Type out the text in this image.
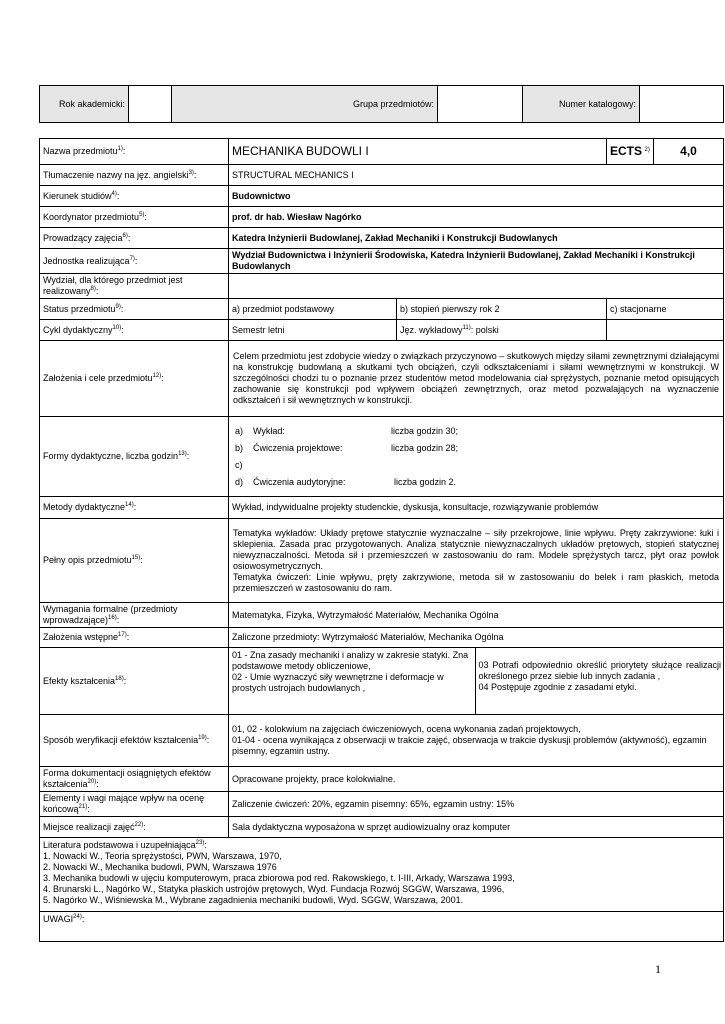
Rok akademicki:		Grupa przedmiotów:		Numer katalogowy:	
Nazwa przedmiotu$^{1)}$:	MECHANIKA BUDOWLI I	ECTS $^{2)}$	4,0
Tłumaczenie nazwy na jęz. angielski$^{3)}$:	STRUCTURAL MECHANICS I
Kierunek studiów$^{4)}$:	Budownictwo
Koordynator przedmiotu$^{5)}$:	prof. dr hab. Wiesław Nagórko
Prowadzący zajęcia$^{6)}$:	Katedra Inżynierii Budowlanej, Zakład Mechaniki i Konstrukcji Budowlanych
Jednostka realizująca$^{7)}$:	Wydział Budownictwa i Inżynierii Środowiska, Katedra Inżynierii Budowlanej, Zakład Mechaniki i Konstrukcji Budowlanych
Wydział, dla którego przedmiot jest realizowany$^{8)}$:	
Status przedmiotu$^{9)}$:	a) przedmiot podstawowy	b) stopień pierwszy rok 2	c) stacjonarne
Cykl dydaktyczny$^{10)}$:	Semestr letni	Jęz. wykładowy$^{11)}$: polski	
Założenia i cele przedmiotu$^{12)}$:	Celem przedmiotu jest zdobycie wiedzy o związkach przyczynowo – skutkowych między siłami zewnętrznymi działającymi na konstrukcję budowlaną a skutkami tych obciążeń, czyli odkształceniami i siłami wewnętrznymi w konstrukcji. W szczególności chodzi tu o poznanie przez studentów metod modelowania ciał sprężystych, poznanie metod opisujących zachowanie się konstrukcji pod wpływem obciążeń zewnętrznych, oraz metod pozwalających na wyznaczenie odkształceń i sił wewnętrznych w konstrukcji.
Formy dydaktyczne, liczba godzin$^{13)}$:	
a)	Wykład:	liczba godzin 30;
b)	Ćwiczenia projektowe:	liczba godzin 28;
c)		
d)	Ćwiczenia audytoryjne:	liczba godzin 2.

Metody dydaktyczne$^{14)}$:	Wykład, indywidualne projekty studenckie, dyskusja, konsultacje, rozwiązywanie problemów
Pełny opis przedmiotu$^{15)}$:	
Tematyka wykładów: Układy prętowe statycznie wyznaczalne – siły przekrojowe, linie wpływu. Pręty zakrzywione: łuki i sklepienia. Zasada prac przygotowanych. Analiza statycznie niewyznaczalnych układów prętowych, stopień statycznej niewyznaczalności. Metoda sił i przemieszczeń w zastosowaniu do ram. Modele sprężystych tarcz, płyt oraz powłok osiowosymetrycznych.
Tematyka ćwiczeń: Linie wpływu, pręty zakrzywione, metoda sił w zastosowaniu do belek i ram płaskich, metoda przemieszczeń w zastosowaniu do ram.

Wymagania formalne (przedmioty wprowadzające)$^{16)}$:	Matematyka, Fizyka, Wytrzymałość Materiałów, Mechanika Ogólna
Założenia wstępne$^{17)}$:	Zaliczone przedmioty: Wytrzymałość Materiałów, Mechanika Ogólna
Efekty kształcenia$^{18)}$:	
01 - Zna zasady mechaniki i analizy w zakresie statyki. Zna podstawowe metody obliczeniowe,
02 - Umie wyznaczyć siły wewnętrzne i deformacje w prostych ustrojach budowlanych ,

03 Potrafi odpowiednio określić priorytety służące realizacji określonego przez siebie lub innych zadania ,
04 Postępuje zgodnie z zasadami etyki.

Sposób weryfikacji efektów kształcenia$^{19)}$:	
01, 02 - kolokwium na zajęciach ćwiczeniowych, ocena wykonania zadań projektowych,
01-04 - ocena wynikająca z obserwacji w trakcie zajęć, obserwacja w trakcie dyskusji problemów (aktywność), egzamin pisemny, egzamin ustny.

Forma dokumentacji osiągniętych efektów kształcenia$^{20)}$:	Opracowane projekty, prace kolokwialne.
Elementy i wagi mające wpływ na ocenę końcową$^{21)}$:	Zaliczenie ćwiczeń: 20%, egzamin pisemny: 65%, egzamin ustny: 15%
Miejsce realizacji zajęć$^{22)}$:	Sala dydaktyczna wyposażona w sprzęt audiowizualny oraz komputer

Literatura podstawowa i uzupełniająca$^{23)}$:
1. Nowacki W., Teoria sprężystości, PWN, Warszawa, 1970,
2. Nowacki W., Mechanika budowli, PWN, Warszawa 1976
3. Mechanika budowli w ujęciu komputerowym, praca zbiorowa pod red. Rakowskiego, t. I-III, Arkady, Warszawa 1993,
4. Brunarski L., Nagórko W., Statyka płaskich ustrojów prętowych, Wyd. Fundacja Rozwój SGGW, Warszawa, 1996,
5. Nagórko W., Wiśniewska M., Wybrane zagadnienia mechaniki budowli, Wyd. SGGW, Warszawa, 2001.

UWAGI$^{24)}$:
1
